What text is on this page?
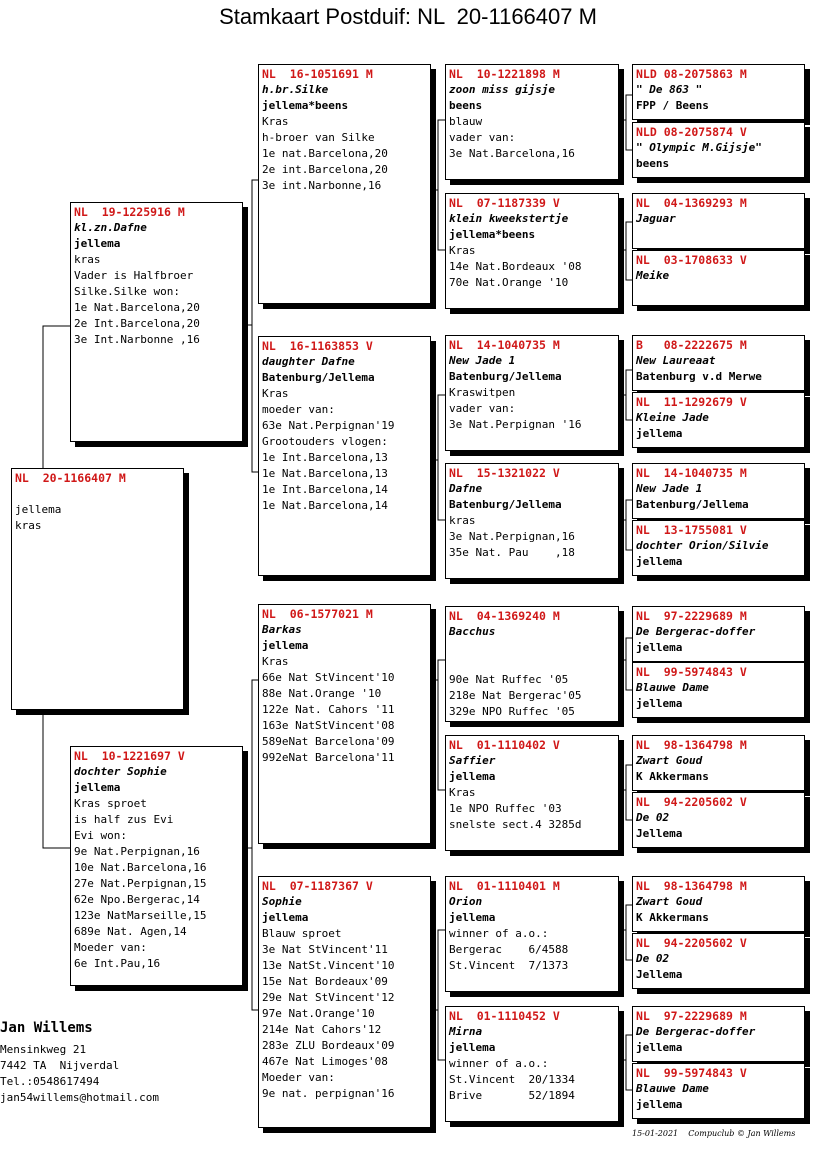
Stamkaart Postduif: NL  20-1166407 M
NL  20-1166407 M
jellema
kras
NL  19-1225916 M
kl.zn.Dafne
jellema
kras
Vader is Halfbroer
Silke.Silke won:
1e Nat.Barcelona,20
2e Int.Barcelona,20
3e Int.Narbonne ,16
NL  10-1221697 V
dochter Sophie
jellema
Kras sproet
is half zus Evi
Evi won:
9e Nat.Perpignan,16
10e Nat.Barcelona,16
27e Nat.Perpignan,15
62e Npo.Bergerac,14
123e NatMarseille,15
689e Nat. Agen,14
Moeder van:
6e Int.Pau,16
NL  16-1051691 M
h.br.Silke
jellema*beens
Kras
h-broer van Silke
1e nat.Barcelona,20
2e int.Barcelona,20
3e int.Narbonne,16
NL  16-1163853 V
daughter Dafne
Batenburg/Jellema
Kras
moeder van:
63e Nat.Perpignan'19
Grootouders vlogen:
1e Int.Barcelona,13
1e Nat.Barcelona,13
1e Int.Barcelona,14
1e Nat.Barcelona,14
NL  06-1577021 M
Barkas
jellema
Kras
66e Nat StVincent'10
88e Nat.Orange '10
122e Nat. Cahors '11
163e NatStVincent'08
589eNat Barcelona'09
992eNat Barcelona'11
NL  07-1187367 V
Sophie
jellema
Blauw sproet
3e Nat StVincent'11
13e NatSt.Vincent'10
15e Nat Bordeaux'09
29e Nat StVincent'12
97e Nat.Orange'10
214e Nat Cahors'12
283e ZLU Bordeaux'09
467e Nat Limoges'08
Moeder van:
9e nat. perpignan'16
NL  10-1221898 M
zoon miss gijsje
beens
blauw
vader van:
3e Nat.Barcelona,16
NL  07-1187339 V
klein kweekstertje
jellema*beens
Kras
14e Nat.Bordeaux '08
70e Nat.Orange '10
NL  14-1040735 M
New Jade 1
Batenburg/Jellema
Kraswitpen
vader van:
3e Nat.Perpignan '16
NL  15-1321022 V
Dafne
Batenburg/Jellema
kras
3e Nat.Perpignan,16
35e Nat. Pau    ,18
NL  04-1369240 M
Bacchus
90e Nat Ruffec '05
218e Nat Bergerac'05
329e NPO Ruffec '05
NL  01-1110402 V
Saffier
jellema
Kras
1e NPO Ruffec '03
snelste sect.4 3285d
NL  01-1110401 M
Orion
jellema
winner of a.o.:
Bergerac    6/4588
St.Vincent  7/1373
NL  01-1110452 V
Mirna
jellema
winner of a.o.:
St.Vincent  20/1334
Brive       52/1894
NLD 08-2075863 M
" De 863 "
FPP / Beens
NLD 08-2075874 V
" Olympic M.Gijsje"
beens
NL  04-1369293 M
Jaguar
NL  03-1708633 V
Meike
B   08-2222675 M
New Laureaat
Batenburg v.d Merwe
NL  11-1292679 V
Kleine Jade
jellema
NL  14-1040735 M
New Jade 1
Batenburg/Jellema
NL  13-1755081 V
dochter Orion/Silvie
jellema
NL  97-2229689 M
De Bergerac-doffer
jellema
NL  99-5974843 V
Blauwe Dame
jellema
NL  98-1364798 M
Zwart Goud
K Akkermans
NL  94-2205602 V
De 02
Jellema
NL  98-1364798 M
Zwart Goud
K Akkermans
NL  94-2205602 V
De 02
Jellema
NL  97-2229689 M
De Bergerac-doffer
jellema
NL  99-5974843 V
Blauwe Dame
jellema
Jan Willems
Mensinkweg 21
7442 TA  Nijverdal
Tel.:0548617494
jan54willems@hotmail.com
15-01-2021    Compuclub © Jan Willems
